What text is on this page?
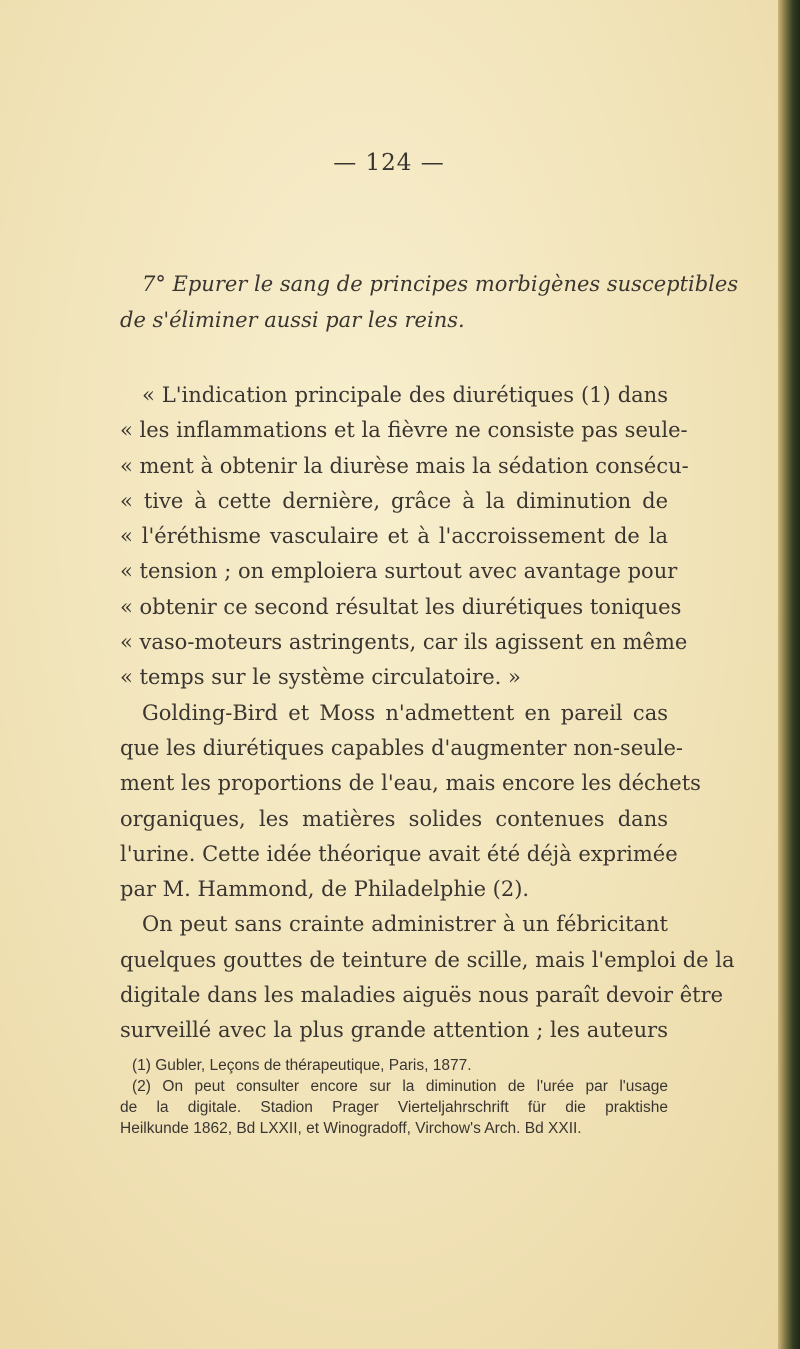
— 124 —
7° Epurer le sang de principes morbigènes susceptibles
de s'éliminer aussi par les reins.
« L'indication principale des diurétiques (1) dans
« les inflammations et la fièvre ne consiste pas seule-
« ment à obtenir la diurèse mais la sédation consécu-
« tive à cette dernière, grâce à la diminution de
« l'éréthisme vasculaire et à l'accroissement de la
« tension ; on emploiera surtout avec avantage pour
« obtenir ce second résultat les diurétiques toniques
« vaso-moteurs astringents, car ils agissent en même
« temps sur le système circulatoire. »
Golding-Bird et Moss n'admettent en pareil cas
que les diurétiques capables d'augmenter non-seule-
ment les proportions de l'eau, mais encore les déchets
organiques, les matières solides contenues dans
l'urine. Cette idée théorique avait été déjà exprimée
par M. Hammond, de Philadelphie (2).
On peut sans crainte administrer à un fébricitant
quelques gouttes de teinture de scille, mais l'emploi de la
digitale dans les maladies aiguës nous paraît devoir être
surveillé avec la plus grande attention ; les auteurs
(1) Gubler, Leçons de thérapeutique, Paris, 1877.
(2) On peut consulter encore sur la diminution de l'urée par l'usage
de la digitale. Stadion Prager Vierteljahrschrift für die praktishe
Heilkunde 1862, Bd LXXII, et Winogradoff, Virchow's Arch. Bd XXII.
